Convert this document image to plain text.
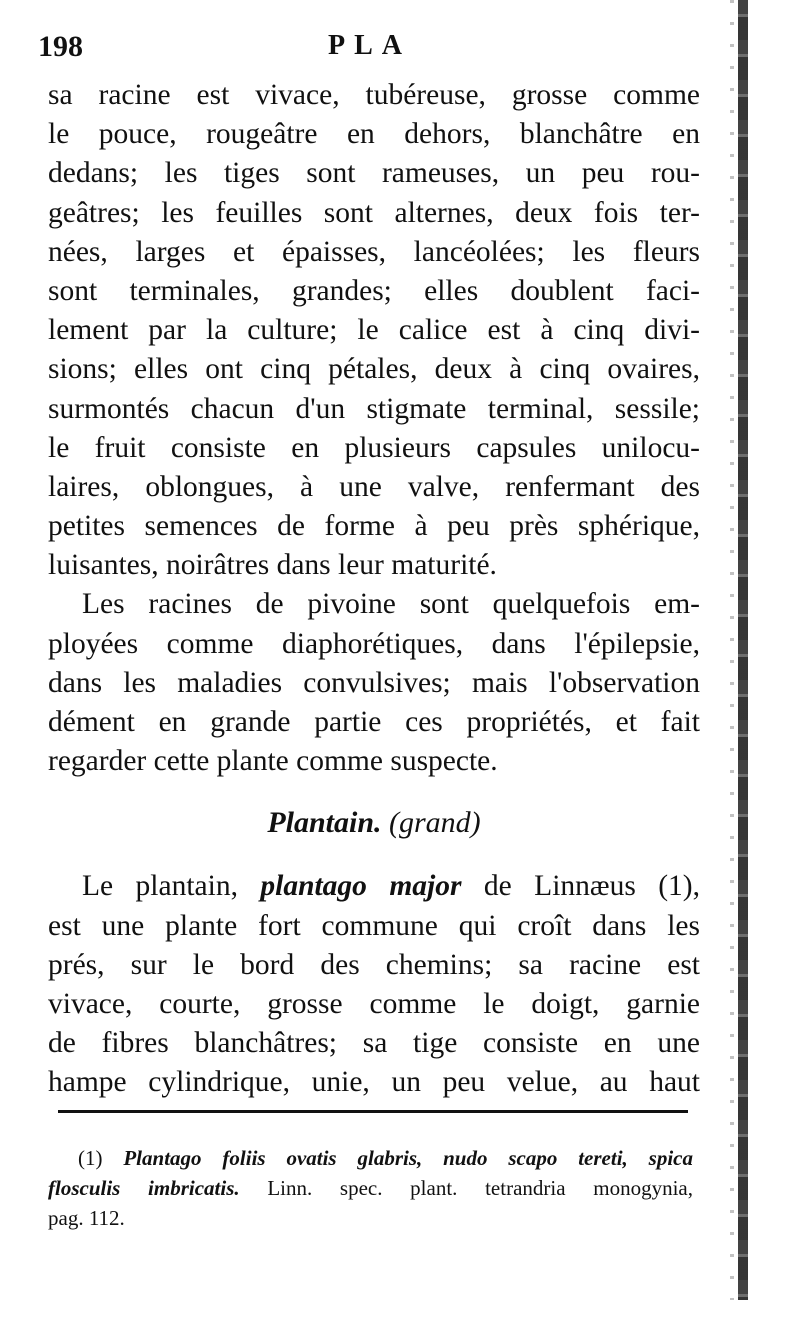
198	PLA
sa racine est vivace, tubéreuse, grosse comme
le pouce, rougeâtre en dehors, blanchâtre en
dedans; les tiges sont rameuses, un peu rou-
geâtres; les feuilles sont alternes, deux fois ter-
nées, larges et épaisses, lancéolées; les fleurs
sont terminales, grandes; elles doublent faci-
lement par la culture; le calice est à cinq divi-
sions; elles ont cinq pétales, deux à cinq ovaires,
surmontés chacun d'un stigmate terminal, sessile;
le fruit consiste en plusieurs capsules unilocu-
laires, oblongues, à une valve, renfermant des
petites semences de forme à peu près sphérique,
luisantes, noirâtres dans leur maturité.
Les racines de pivoine sont quelquefois em-
ployées comme diaphorétiques, dans l'épilepsie,
dans les maladies convulsives; mais l'observation
dément en grande partie ces propriétés, et fait
regarder cette plante comme suspecte.
Plantain. (grand)
Le plantain, plantago major de Linnæus (1),
est une plante fort commune qui croît dans les
prés, sur le bord des chemins; sa racine est
vivace, courte, grosse comme le doigt, garnie
de fibres blanchâtres; sa tige consiste en une
hampe cylindrique, unie, un peu velue, au haut
(1) Plantago foliis ovatis glabris, nudo scapo tereti, spica
flosculis imbricatis. Linn. spec. plant. tetrandria monogynia,
pag. 112.
